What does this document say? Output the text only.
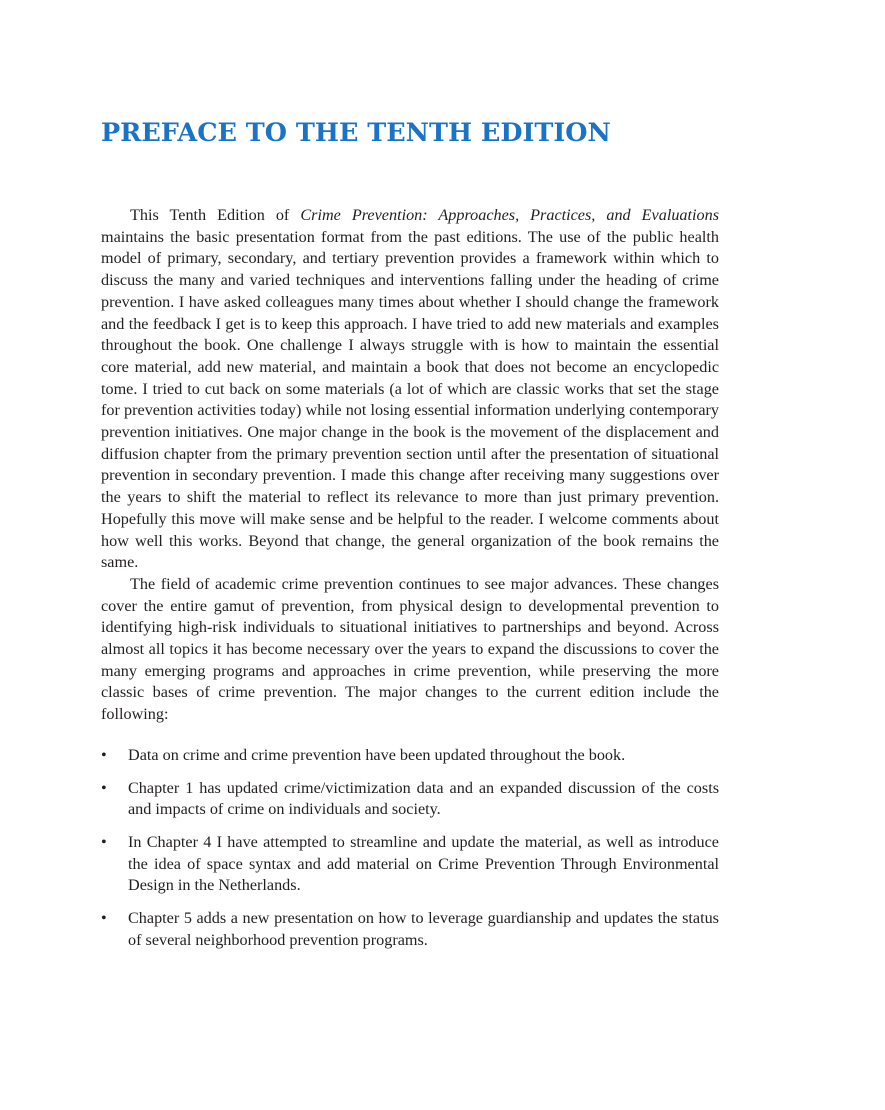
PREFACE TO THE TENTH EDITION

This Tenth Edition of Crime Prevention: Approaches, Practices, and Evaluations maintains the basic presentation format from the past editions. The use of the public health model of primary, secondary, and tertiary prevention provides a framework within which to discuss the many and varied techniques and interventions falling under the heading of crime prevention. I have asked colleagues many times about whether I should change the framework and the feedback I get is to keep this approach. I have tried to add new materials and examples throughout the book. One challenge I always struggle with is how to maintain the essential core material, add new material, and maintain a book that does not become an encyclopedic tome. I tried to cut back on some materials (a lot of which are classic works that set the stage for prevention activities today) while not losing essential information underlying contemporary prevention initiatives. One major change in the book is the movement of the displacement and diffusion chapter from the primary prevention section until after the presentation of situational prevention in secondary prevention. I made this change after receiving many suggestions over the years to shift the material to reflect its relevance to more than just primary prevention. Hopefully this move will make sense and be helpful to the reader. I welcome comments about how well this works. Beyond that change, the general organization of the book remains the same.

The field of academic crime prevention continues to see major advances. These changes cover the entire gamut of prevention, from physical design to developmental prevention to identifying high-risk individuals to situational initiatives to partnerships and beyond. Across almost all topics it has become necessary over the years to expand the discussions to cover the many emerging programs and approaches in crime prevention, while preserving the more classic bases of crime prevention. The major changes to the current edition include the following:

• Data on crime and crime prevention have been updated throughout the book.
• Chapter 1 has updated crime/victimization data and an expanded discussion of the costs and impacts of crime on individuals and society.
• In Chapter 4 I have attempted to streamline and update the material, as well as introduce the idea of space syntax and add material on Crime Prevention Through Environmental Design in the Netherlands.
• Chapter 5 adds a new presentation on how to leverage guardianship and updates the status of several neighborhood prevention programs.
